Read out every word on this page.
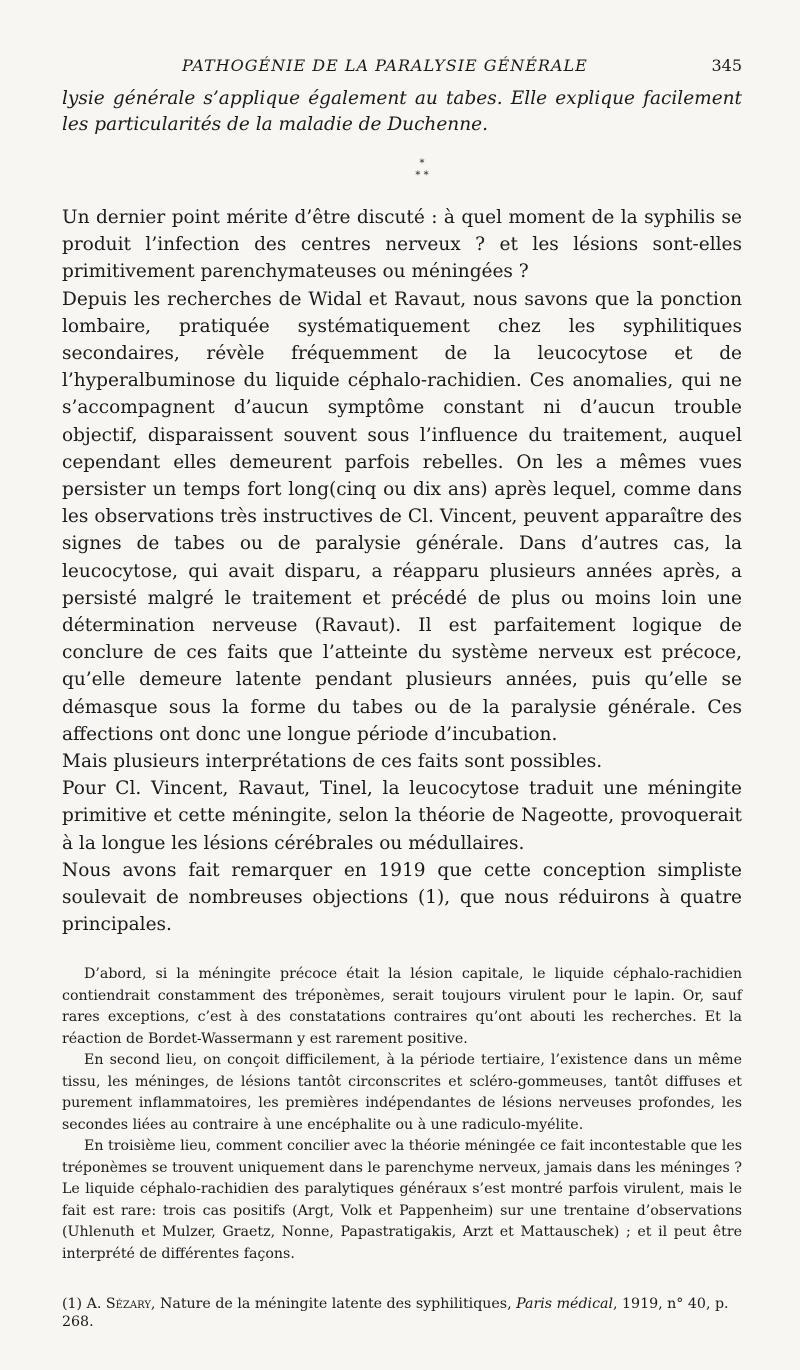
PATHOGÉNIE DE LA PARALYSIE GÉNÉRALE	345

lysie générale s’applique également au tabes. Elle explique facilement les particularités de la maladie de Duchenne.

*
* *

Un dernier point mérite d’être discuté : à quel moment de la syphilis se produit l’infection des centres nerveux ? et les lésions sont-elles primitivement parenchymateuses ou méningées ?

Depuis les recherches de Widal et Ravaut, nous savons que la ponction lombaire, pratiquée systématiquement chez les syphilitiques secondaires, révèle fréquemment de la leucocytose et de l’hyperalbuminose du liquide céphalo-rachidien. Ces anomalies, qui ne s’accompagnent d’aucun symptôme constant ni d’aucun trouble objectif, disparaissent souvent sous l’influence du traitement, auquel cependant elles demeurent parfois rebelles. On les a mêmes vues persister un temps fort long(cinq ou dix ans) après lequel, comme dans les observations très instructives de Cl. Vincent, peuvent apparaître des signes de tabes ou de paralysie générale. Dans d’autres cas, la leucocytose, qui avait disparu, a réapparu plusieurs années après, a persisté malgré le traitement et précédé de plus ou moins loin une détermination nerveuse (Ravaut). Il est parfaitement logique de conclure de ces faits que l’atteinte du système nerveux est précoce, qu’elle demeure latente pendant plusieurs années, puis qu’elle se démasque sous la forme du tabes ou de la paralysie générale. Ces affections ont donc une longue période d’incubation.

Mais plusieurs interprétations de ces faits sont possibles.

Pour Cl. Vincent, Ravaut, Tinel, la leucocytose traduit une méningite primitive et cette méningite, selon la théorie de Nageotte, provoquerait à la longue les lésions cérébrales ou médullaires.

Nous avons fait remarquer en 1919 que cette conception simpliste soulevait de nombreuses objections (1), que nous réduirons à quatre principales.

D’abord, si la méningite précoce était la lésion capitale, le liquide céphalo-rachidien contiendrait constamment des tréponèmes, serait toujours virulent pour le lapin. Or, sauf rares exceptions, c’est à des constatations contraires qu’ont abouti les recherches. Et la réaction de Bordet-Wassermann y est rarement positive.

En second lieu, on conçoit difficilement, à la période tertiaire, l’existence dans un même tissu, les méninges, de lésions tantôt circonscrites et scléro-gommeuses, tantôt diffuses et purement inflammatoires, les premières indépendantes de lésions nerveuses profondes, les secondes liées au contraire à une encéphalite ou à une radiculo-myélite.

En troisième lieu, comment concilier avec la théorie méningée ce fait incontestable que les tréponèmes se trouvent uniquement dans le parenchyme nerveux, jamais dans les méninges ? Le liquide céphalo-rachidien des paralytiques généraux s’est montré parfois virulent, mais le fait est rare: trois cas positifs (Argt, Volk et Pappenheim) sur une trentaine d’observations (Uhlenuth et Mulzer, Graetz, Nonne, Papastratigakis, Arzt et Mattauschek) ; et il peut être interprété de différentes façons.

(1) A. Sézary, Nature de la méningite latente des syphilitiques, Paris médical, 1919, n° 40, p. 268.
